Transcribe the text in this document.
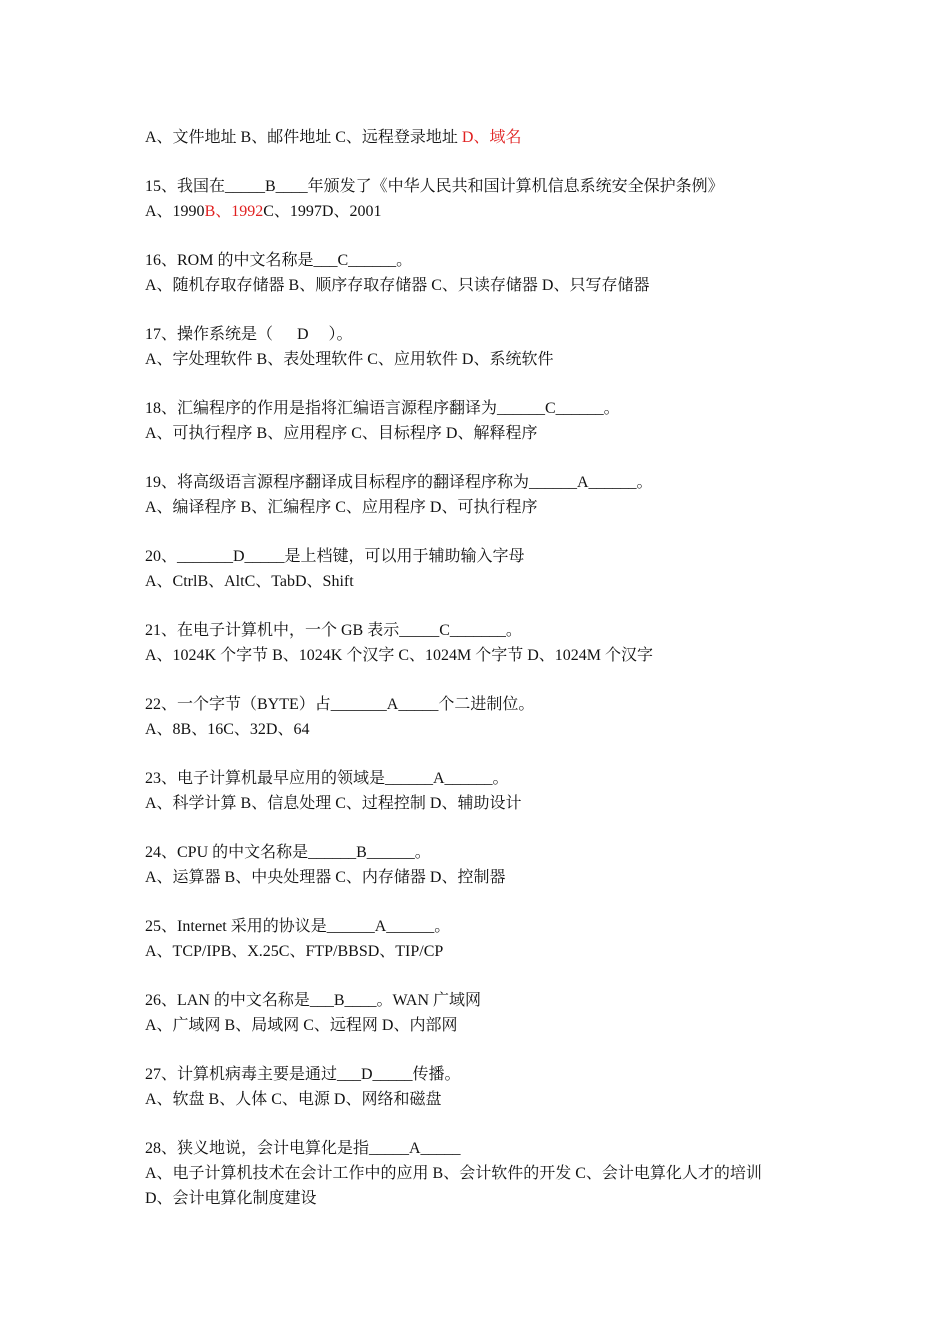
A、文件地址 B、邮件地址 C、远程登录地址 D、域名
15、我国在_____B____年颁发了《中华人民共和国计算机信息系统安全保护条例》
A、1990B、1992C、1997D、2001
16、ROM 的中文名称是___C______。
A、随机存取存储器 B、顺序存取存储器 C、只读存储器 D、只写存储器
17、操作系统是（      D     ）。
A、字处理软件 B、表处理软件 C、应用软件 D、系统软件
18、汇编程序的作用是指将汇编语言源程序翻译为______C______。
A、可执行程序 B、应用程序 C、目标程序 D、解释程序
19、将高级语言源程序翻译成目标程序的翻译程序称为______A______。
A、编译程序 B、汇编程序 C、应用程序 D、可执行程序
20、_______D_____是上档键，可以用于辅助输入字母
A、CtrlB、AltC、TabD、Shift
21、在电子计算机中，一个 GB 表示_____C_______。
A、1024K 个字节 B、1024K 个汉字 C、1024M 个字节 D、1024M 个汉字
22、一个字节（BYTE）占_______A_____个二进制位。
A、8B、16C、32D、64
23、电子计算机最早应用的领域是______A______。
A、科学计算 B、信息处理 C、过程控制 D、辅助设计
24、CPU 的中文名称是______B______。
A、运算器 B、中央处理器 C、内存储器 D、控制器
25、Internet 采用的协议是______A______。
A、TCP/IPB、X.25C、FTP/BBSD、TIP/CP
26、LAN 的中文名称是___B____。WAN 广域网
A、广域网 B、局域网 C、远程网 D、内部网
27、计算机病毒主要是通过___D_____传播。
A、软盘 B、人体 C、电源 D、网络和磁盘
28、狭义地说，会计电算化是指_____A_____
A、电子计算机技术在会计工作中的应用 B、会计软件的开发 C、会计电算化人才的培训
D、会计电算化制度建设
